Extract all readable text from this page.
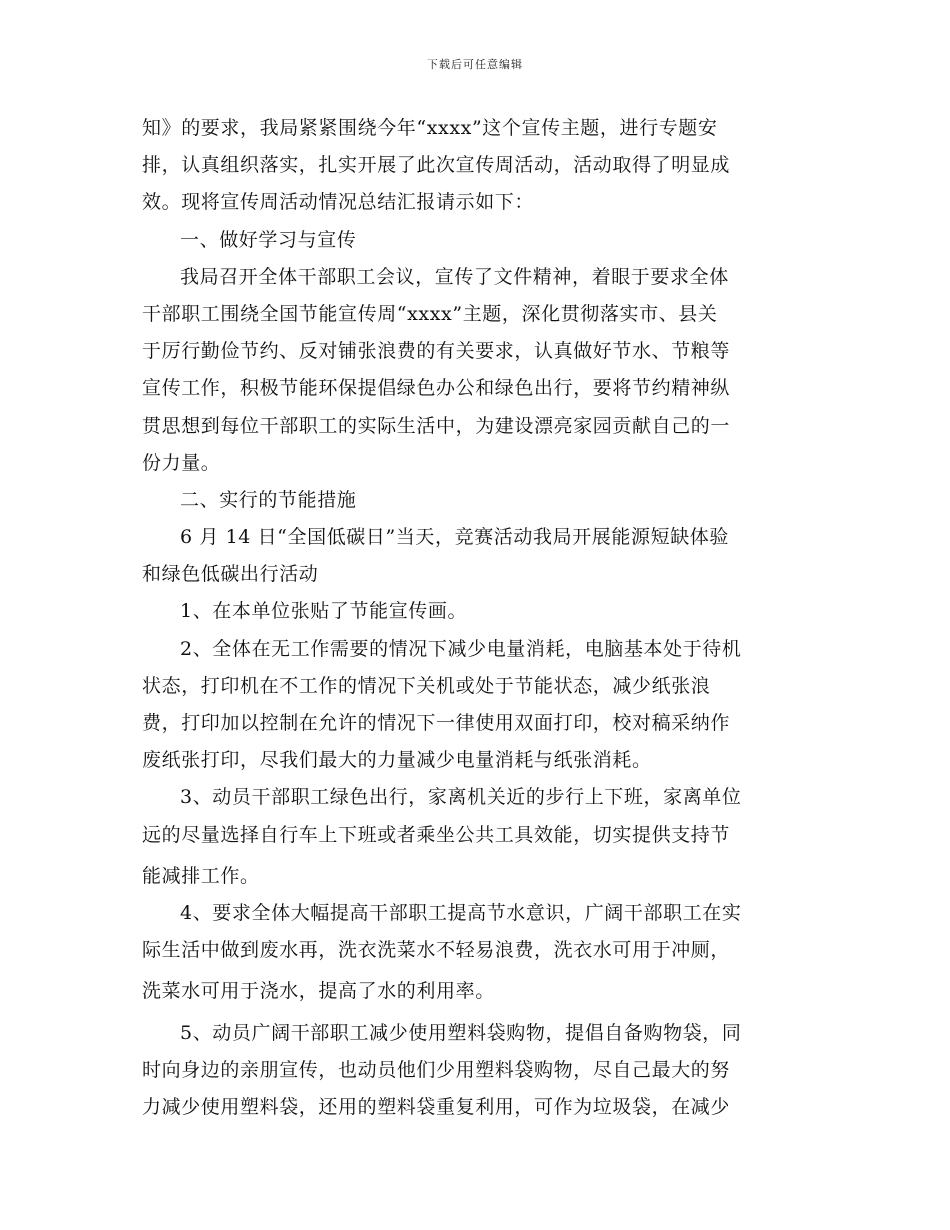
下载后可任意编辑
知》的要求，我局紧紧围绕今年“xxxx”这个宣传主题，进行专题安
排，认真组织落实，扎实开展了此次宣传周活动，活动取得了明显成
效。现将宣传周活动情况总结汇报请示如下：
一、做好学习与宣传
我局召开全体干部职工会议，宣传了文件精神，着眼于要求全体
干部职工围绕全国节能宣传周“xxxx”主题，深化贯彻落实市、县关
于厉行勤俭节约、反对铺张浪费的有关要求，认真做好节水、节粮等
宣传工作，积极节能环保提倡绿色办公和绿色出行，要将节约精神纵
贯思想到每位干部职工的实际生活中，为建设漂亮家园贡献自己的一
份力量。
二、实行的节能措施
6 月 14 日“全国低碳日”当天，竞赛活动我局开展能源短缺体验
和绿色低碳出行活动
1、在本单位张贴了节能宣传画。
2、全体在无工作需要的情况下减少电量消耗，电脑基本处于待机
状态，打印机在不工作的情况下关机或处于节能状态，减少纸张浪
费，打印加以控制在允许的情况下一律使用双面打印，校对稿采纳作
废纸张打印，尽我们最大的力量减少电量消耗与纸张消耗。
3、动员干部职工绿色出行，家离机关近的步行上下班，家离单位
远的尽量选择自行车上下班或者乘坐公共工具效能，切实提供支持节
能减排工作。
4、要求全体大幅提高干部职工提高节水意识，广阔干部职工在实
际生活中做到废水再，洗衣洗菜水不轻易浪费，洗衣水可用于冲厕，
洗菜水可用于浇水，提高了水的利用率。
5、动员广阔干部职工减少使用塑料袋购物，提倡自备购物袋，同
时向身边的亲朋宣传，也动员他们少用塑料袋购物，尽自己最大的努
力减少使用塑料袋，还用的塑料袋重复利用，可作为垃圾袋，在减少
